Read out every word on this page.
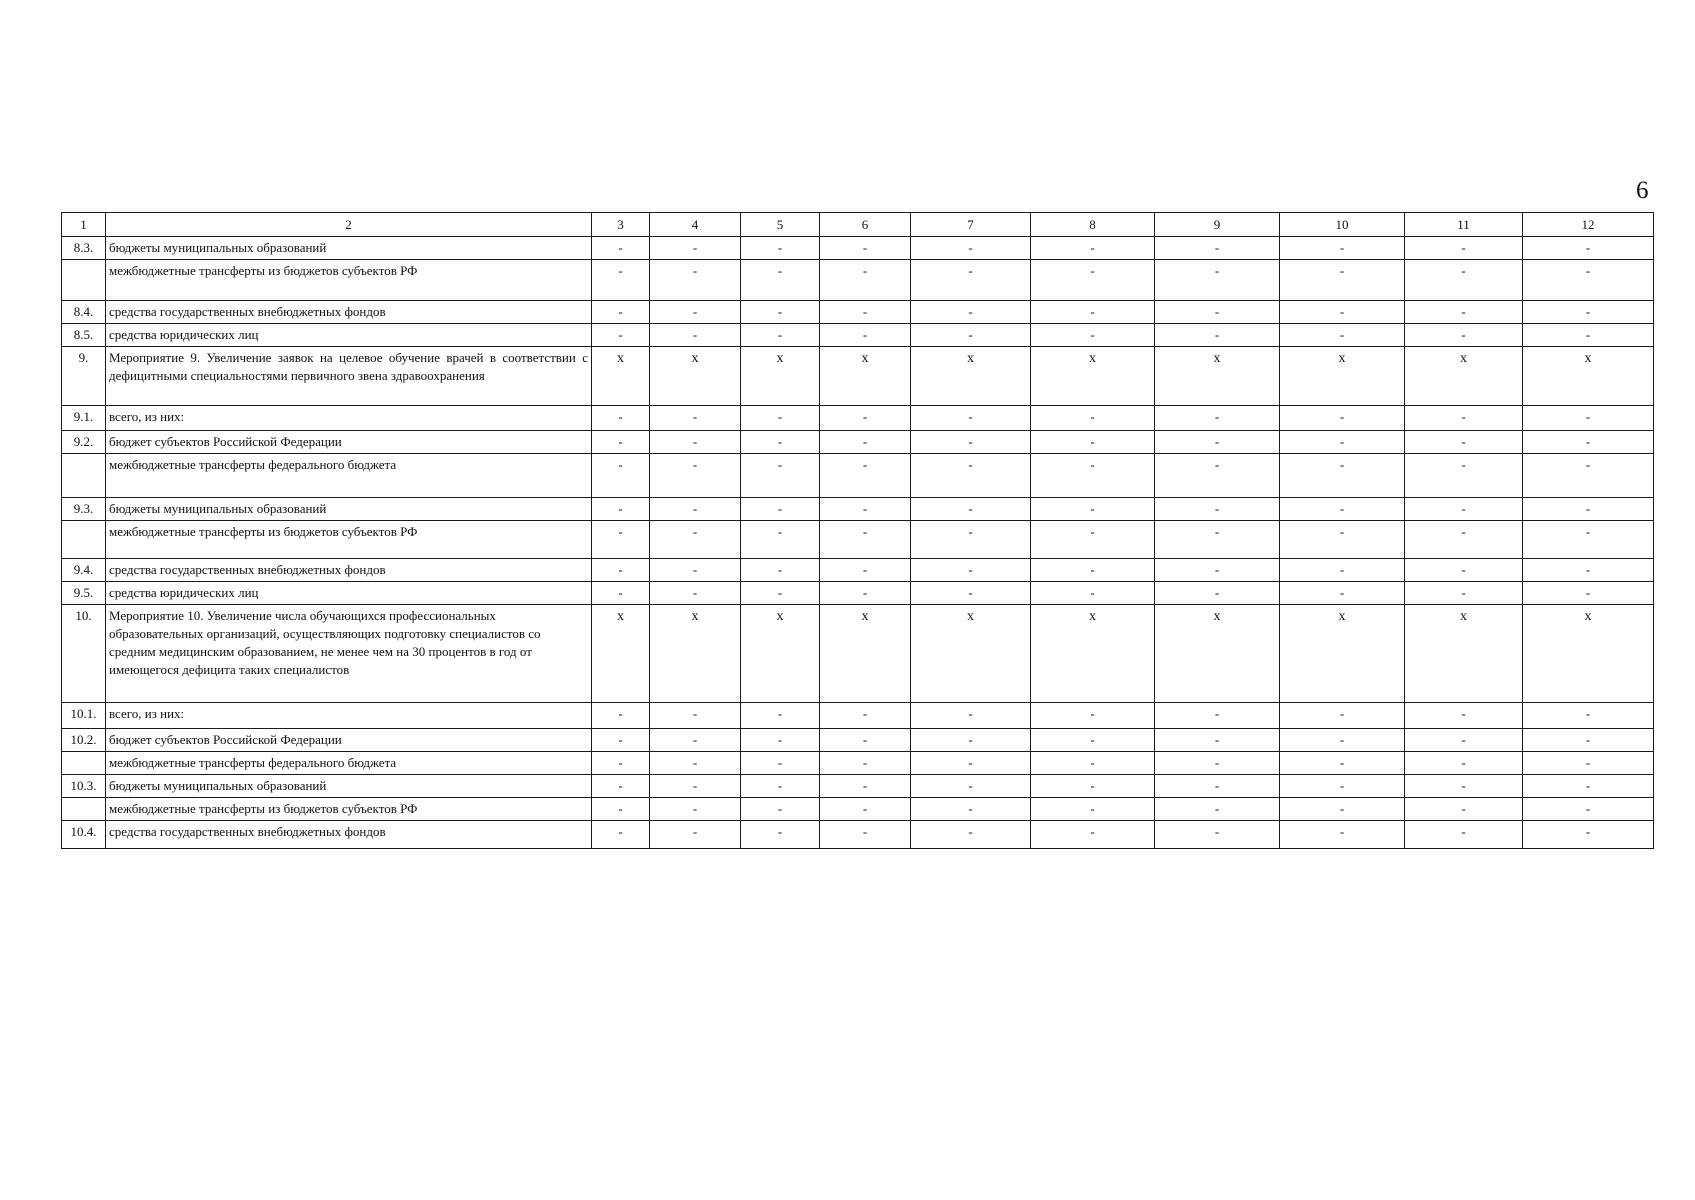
6
1	2	3	4	5	6	7	8	9	10	11	12
8.3.	бюджеты муниципальных образований	-	-	-	-	-	-	-	-	-	-
	межбюджетные трансферты из бюджетов субъектов РФ	-	-	-	-	-	-	-	-	-	-
8.4.	средства государственных внебюджетных фондов	-	-	-	-	-	-	-	-	-	-
8.5.	средства юридических лиц	-	-	-	-	-	-	-	-	-	-
9.	Мероприятие 9. Увеличение заявок на целевое обучение врачей в соответствии с дефицитными специальностями первичного звена здравоохранения	x	x	x	x	x	x	x	x	x	x
9.1.	всего, из них:	-	-	-	-	-	-	-	-	-	-
9.2.	бюджет субъектов Российской Федерации	-	-	-	-	-	-	-	-	-	-
	межбюджетные трансферты федерального бюджета	-	-	-	-	-	-	-	-	-	-
9.3.	бюджеты муниципальных образований	-	-	-	-	-	-	-	-	-	-
	межбюджетные трансферты из бюджетов субъектов РФ	-	-	-	-	-	-	-	-	-	-
9.4.	средства государственных внебюджетных фондов	-	-	-	-	-	-	-	-	-	-
9.5.	средства юридических лиц	-	-	-	-	-	-	-	-	-	-
10.	Мероприятие 10. Увеличение числа обучающихся профессиональных образовательных организаций, осуществляющих подготовку специалистов со средним медицинским образованием, не менее чем на 30 процентов в год от имеющегося дефицита таких специалистов	x	x	x	x	x	x	x	x	x	x
10.1.	всего, из них:	-	-	-	-	-	-	-	-	-	-
10.2.	бюджет субъектов Российской Федерации	-	-	-	-	-	-	-	-	-	-
	межбюджетные трансферты федерального бюджета	-	-	-	-	-	-	-	-	-	-
10.3.	бюджеты муниципальных образований	-	-	-	-	-	-	-	-	-	-
	межбюджетные трансферты из бюджетов субъектов РФ	-	-	-	-	-	-	-	-	-	-
10.4.	средства государственных внебюджетных фондов	-	-	-	-	-	-	-	-	-	-
